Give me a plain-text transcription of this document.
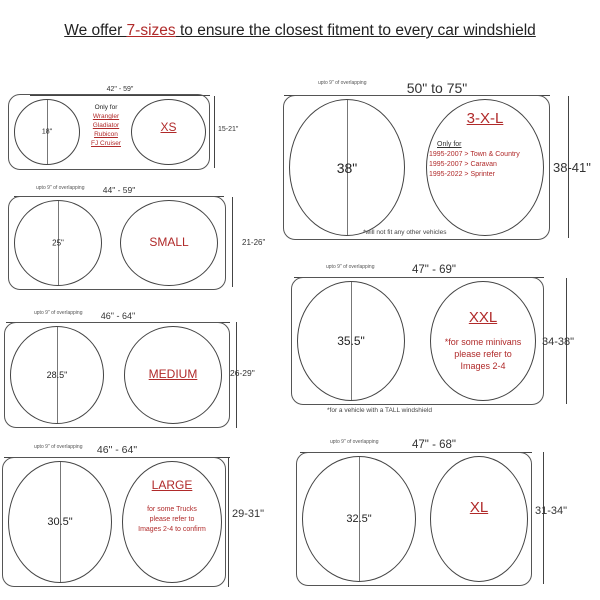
We offer 7-sizes to ensure the closest fitment to every car windshield
42" - 59"
18"
Only for
Wrangler
Gladiator
Rubicon
FJ Cruiser
XS	15-21"
upto 9" of overlapping	44" - 59"
25"	SMALL	21-26"
upto 9" of overlapping	46" - 64"
28.5"	MEDIUM	26-29"
upto 9" of overlapping	46" - 64"
30.5"
LARGE
for some Trucks
please refer to
Images 2-4 to confirm
29-31"
upto 9" of overlapping	50" to 75"
38"
3-X-L
Only for
1995-2007 > Town & Country
1995-2007 > Caravan
1995-2022 > Sprinter
*will not fit any other vehicles
38-41"
upto 9" of overlapping	47" - 69"
35.5"
XXL
*for some minivans
please refer to
Images 2-4
*for a vehicle with a TALL windshield
34-38"
upto 9" of overlapping	47" - 68"
32.5"
XL	31-34"
